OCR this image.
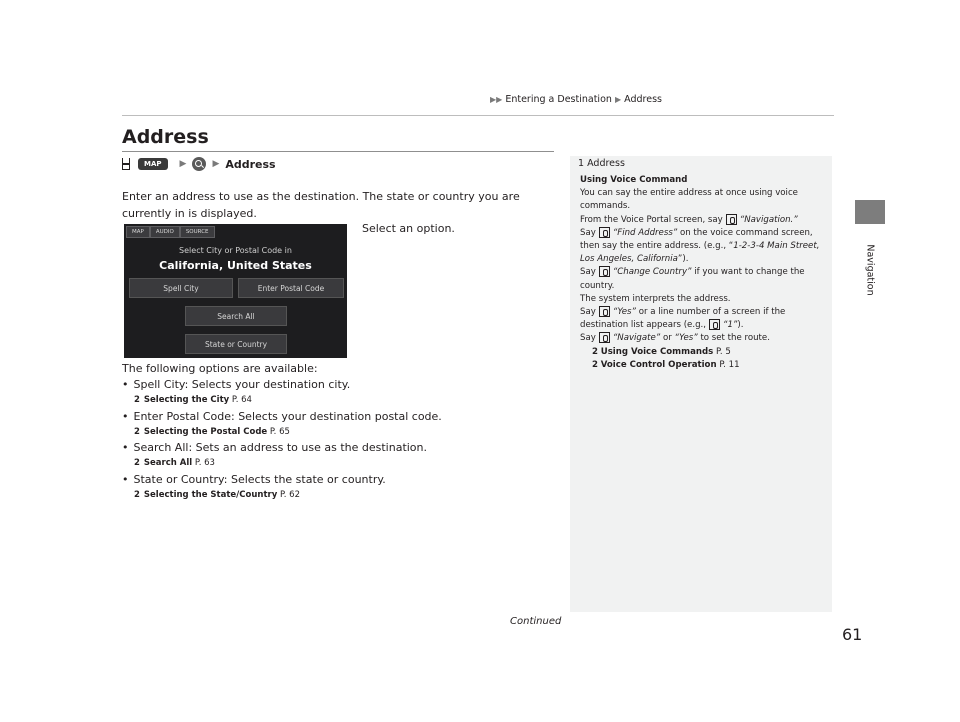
▶▶ Entering a Destination ▶ Address
Navigation
Address
MAP	▶	▶ Address
Enter an address to use as the destination. The state or country you are currently in is displayed.
MAP	AUDIO	SOURCE
Select City or Postal Code in
California, United States
Spell City	Enter Postal Code
Search All
State or Country
Select an option.
The following options are available:
• Spell City: Selects your destination city.
2 Selecting the City P. 64
• Enter Postal Code: Selects your destination postal code.
2 Selecting the Postal Code P. 65
• Search All: Sets an address to use as the destination.
2 Search All P. 63
• State or Country: Selects the state or country.
2 Selecting the State/Country P. 62
1 Address
Using Voice Command
You can say the entire address at once using voice commands.
From the Voice Portal screen, say “Navigation.”
Say “Find Address” on the voice command screen, then say the entire address. (e.g., “1-2-3-4 Main Street, Los Angeles, California”).
Say “Change Country” if you want to change the country.
The system interprets the address.
Say “Yes” or a line number of a screen if the destination list appears (e.g., “1”).
Say “Navigate” or “Yes” to set the route.
2 Using Voice Commands P. 5
2 Voice Control Operation P. 11
Continued
61
